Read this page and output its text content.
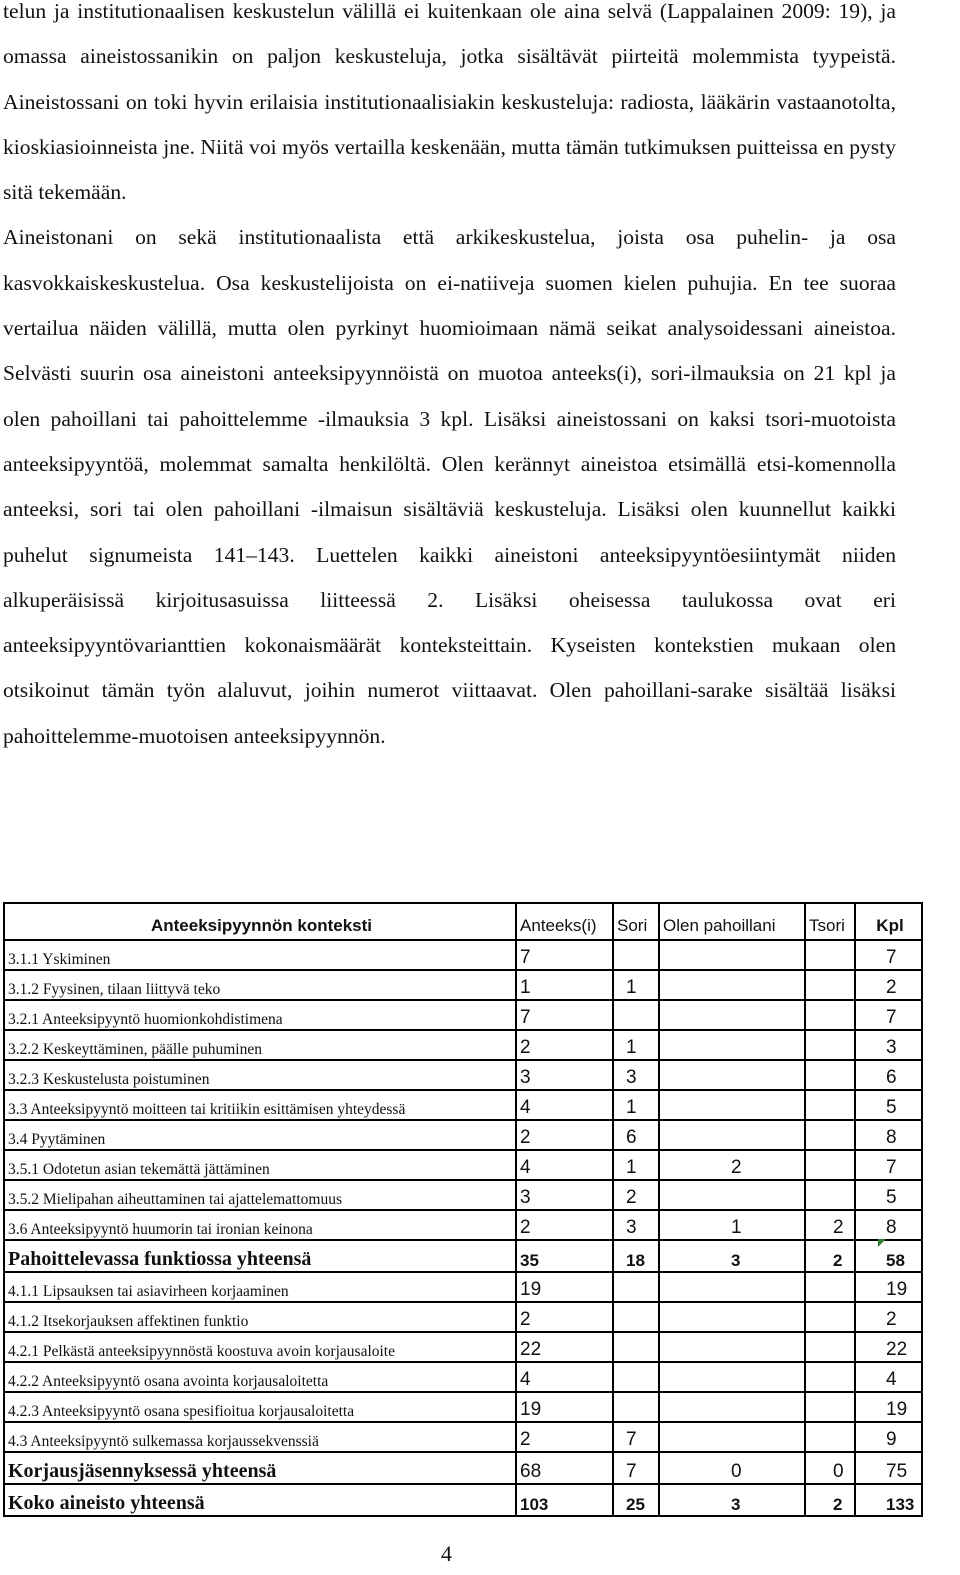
telun ja institutionaalisen keskustelun välillä ei kuitenkaan ole aina selvä (Lappalainen 2009: 19), ja omassa aineistossanikin on paljon keskusteluja, jotka sisältävät piirteitä molemmista tyypeistä. Aineistossani on toki hyvin erilaisia institutionaalisiakin keskusteluja: radiosta, lääkärin vastaanotolta, kioskiasioinneista jne. Niitä voi myös vertailla keskenään, mutta tämän tutkimuksen puitteissa en pysty sitä tekemään.

Aineistonani on sekä institutionaalista että arkikeskustelua, joista osa puhelin- ja osa kasvokkaiskeskustelua. Osa keskustelijoista on ei-natiiveja suomen kielen puhujia. En tee suoraa vertailua näiden välillä, mutta olen pyrkinyt huomioimaan nämä seikat analysoidessani aineistoa. Selvästi suurin osa aineistoni anteeksipyynnöistä on muotoa anteeks(i), sori-ilmauksia on 21 kpl ja olen pahoillani tai pahoittelemme -ilmauksia 3 kpl. Lisäksi aineistossani on kaksi tsori-muotoista anteeksipyyntöä, molemmat samalta henkilöltä. Olen kerännyt aineistoa etsimällä etsi-komennolla anteeksi, sori tai olen pahoillani -ilmaisun sisältäviä keskusteluja. Lisäksi olen kuunnellut kaikki puhelut signumeista 141–143. Luettelen kaikki aineistoni anteeksipyyntöesiintymät niiden alkuperäisissä kirjoitusasuissa liitteessä 2. Lisäksi oheisessa taulukossa ovat eri anteeksipyyntövarianttien kokonaismäärät konteksteittain. Kyseisten kontekstien mukaan olen otsikoinut tämän työn alaluvut, joihin numerot viittaavat. Olen pahoillani-sarake sisältää lisäksi pahoittelemme-muotoisen anteeksipyynnön.

Anteeksipyynnön konteksti	Anteeks(i)	Sori	Olen pahoillani	Tsori	Kpl
3.1.1 Yskiminen	7				7
3.1.2 Fyysinen, tilaan liittyvä teko	1	1			2
3.2.1 Anteeksipyyntö huomionkohdistimena	7				7
3.2.2 Keskeyttäminen, päälle puhuminen	2	1			3
3.2.3 Keskustelusta poistuminen	3	3			6
3.3 Anteeksipyyntö moitteen tai kritiikin esittämisen yhteydessä	4	1			5
3.4 Pyytäminen	2	6			8
3.5.1 Odotetun asian tekemättä jättäminen	4	1	2		7
3.5.2 Mielipahan aiheuttaminen tai ajattelemattomuus	3	2			5
3.6 Anteeksipyyntö huumorin tai ironian keinona	2	3	1	2	8
Pahoittelevassa funktiossa yhteensä	35	18	3	2	58
4.1.1 Lipsauksen tai asiavirheen korjaaminen	19				19
4.1.2 Itsekorjauksen affektinen funktio	2				2
4.2.1 Pelkästä anteeksipyynnöstä koostuva avoin korjausaloite	22				22
4.2.2 Anteeksipyyntö osana avointa korjausaloitetta	4				4
4.2.3 Anteeksipyyntö osana spesifioitua korjausaloitetta	19				19
4.3 Anteeksipyyntö sulkemassa korjaussekvenssiä	2	7			9
Korjausjäsennyksessä yhteensä	68	7	0	0	75
Koko aineisto yhteensä	103	25	3	2	133
4
